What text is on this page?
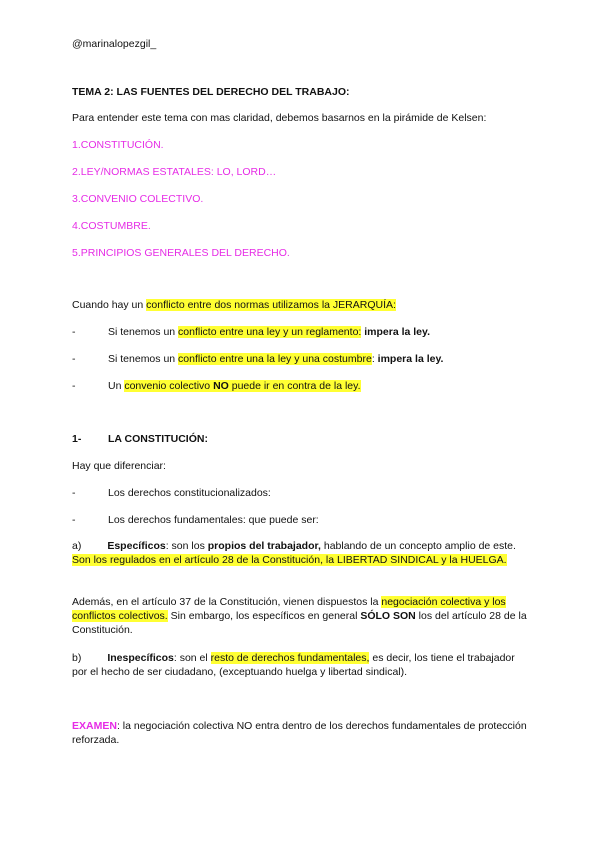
@marinalopezgil_
TEMA 2: LAS FUENTES DEL DERECHO DEL TRABAJO:
Para entender este tema con mas claridad, debemos basarnos en la pirámide de Kelsen:
1.CONSTITUCIÓN.
2.LEY/NORMAS ESTATALES: LO, LORD…
3.CONVENIO COLECTIVO.
4.COSTUMBRE.
5.PRINCIPIOS GENERALES DEL DERECHO.
Cuando hay un conflicto entre dos normas utilizamos la JERARQUÍA:
-	Si tenemos un conflicto entre una ley y un reglamento: impera la ley.
-	Si tenemos un conflicto entre una la ley y una costumbre: impera la ley.
-	Un convenio colectivo NO puede ir en contra de la ley.
1-	LA CONSTITUCIÓN:
Hay que diferenciar:
-	Los derechos constitucionalizados:
-	Los derechos fundamentales: que puede ser:
a) Específicos: son los propios del trabajador, hablando de un concepto amplio de este. Son los regulados en el artículo 28 de la Constitución, la LIBERTAD SINDICAL y la HUELGA.
Además, en el artículo 37 de la Constitución, vienen dispuestos la negociación colectiva y los conflictos colectivos. Sin embargo, los específicos en general SÓLO SON los del artículo 28 de la Constitución.
b) Inespecíficos: son el resto de derechos fundamentales, es decir, los tiene el trabajador por el hecho de ser ciudadano, (exceptuando huelga y libertad sindical).
EXAMEN: la negociación colectiva NO entra dentro de los derechos fundamentales de protección reforzada.
